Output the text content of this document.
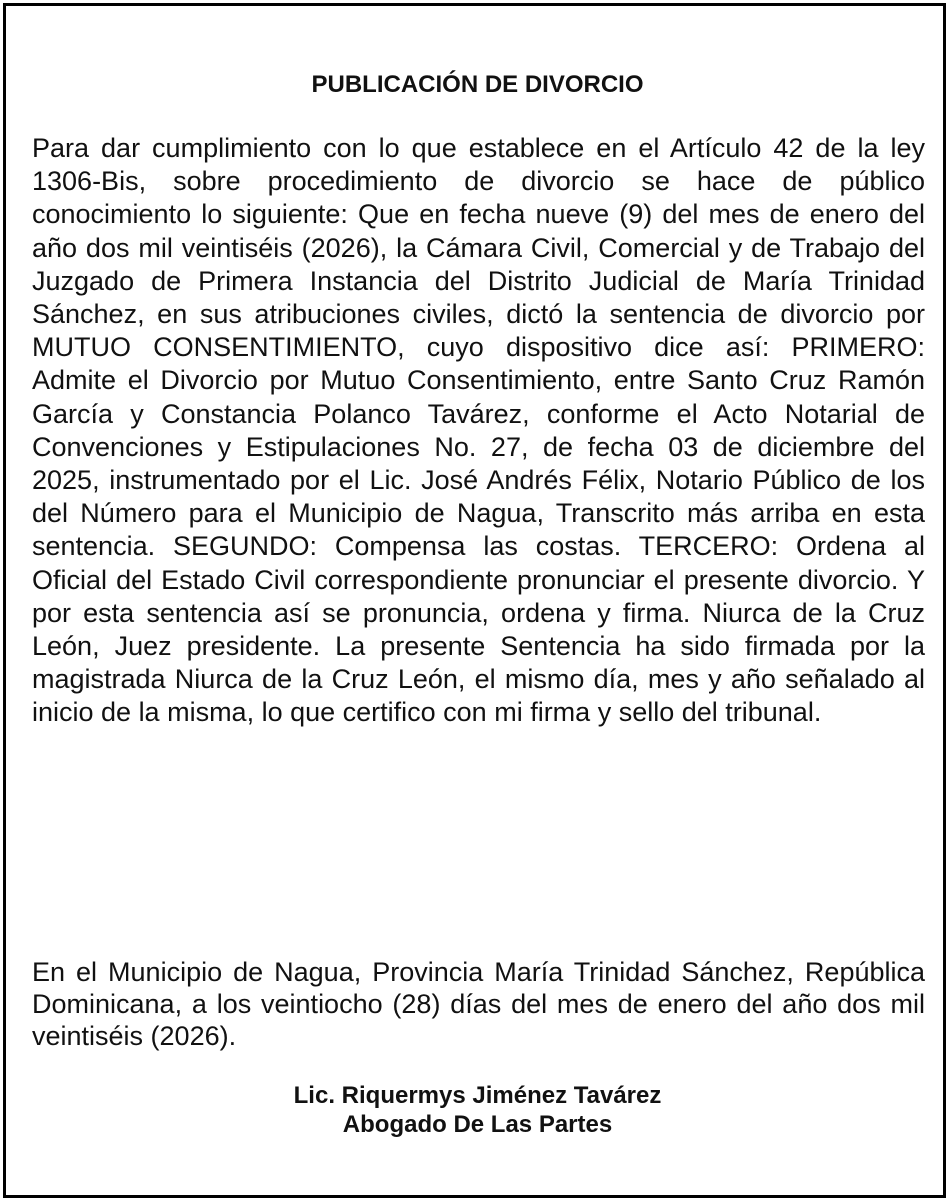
PUBLICACIÓN DE DIVORCIO

Para dar cumplimiento con lo que establece en el Artículo 42 de la ley 1306-Bis, sobre procedimiento de divorcio se hace de público conocimiento lo siguiente: Que en fecha nueve (9) del mes de enero del año dos mil veintiséis (2026), la Cámara Civil, Comercial y de Trabajo del Juzgado de Primera Instancia del Distrito Judicial de María Trinidad Sánchez, en sus atribuciones civiles, dictó la sentencia de divorcio por MUTUO CONSENTIMIENTO, cuyo dispositivo dice así: PRIMERO: Admite el Divorcio por Mutuo Consentimiento, entre Santo Cruz Ramón García y Constancia Polanco Tavárez, conforme el Acto Notarial de Convenciones y Estipulaciones No. 27, de fecha 03 de diciembre del 2025, instrumentado por el Lic. José Andrés Félix, Notario Público de los del Número para el Municipio de Nagua, Transcrito más arriba en esta sentencia. SEGUNDO: Compensa las costas. TERCERO: Ordena al Oficial del Estado Civil correspondiente pronunciar el presente divorcio. Y por esta sentencia así se pronuncia, ordena y firma. Niurca de la Cruz León, Juez presidente. La presente Sentencia ha sido firmada por la magistrada Niurca de la Cruz León, el mismo día, mes y año señalado al inicio de la misma, lo que certifico con mi firma y sello del tribunal.

En el Municipio de Nagua, Provincia María Trinidad Sánchez, República Dominicana, a los veintiocho (28) días del mes de enero del año dos mil veintiséis (2026).

Lic. Riquermys Jiménez Tavárez
Abogado De Las Partes
